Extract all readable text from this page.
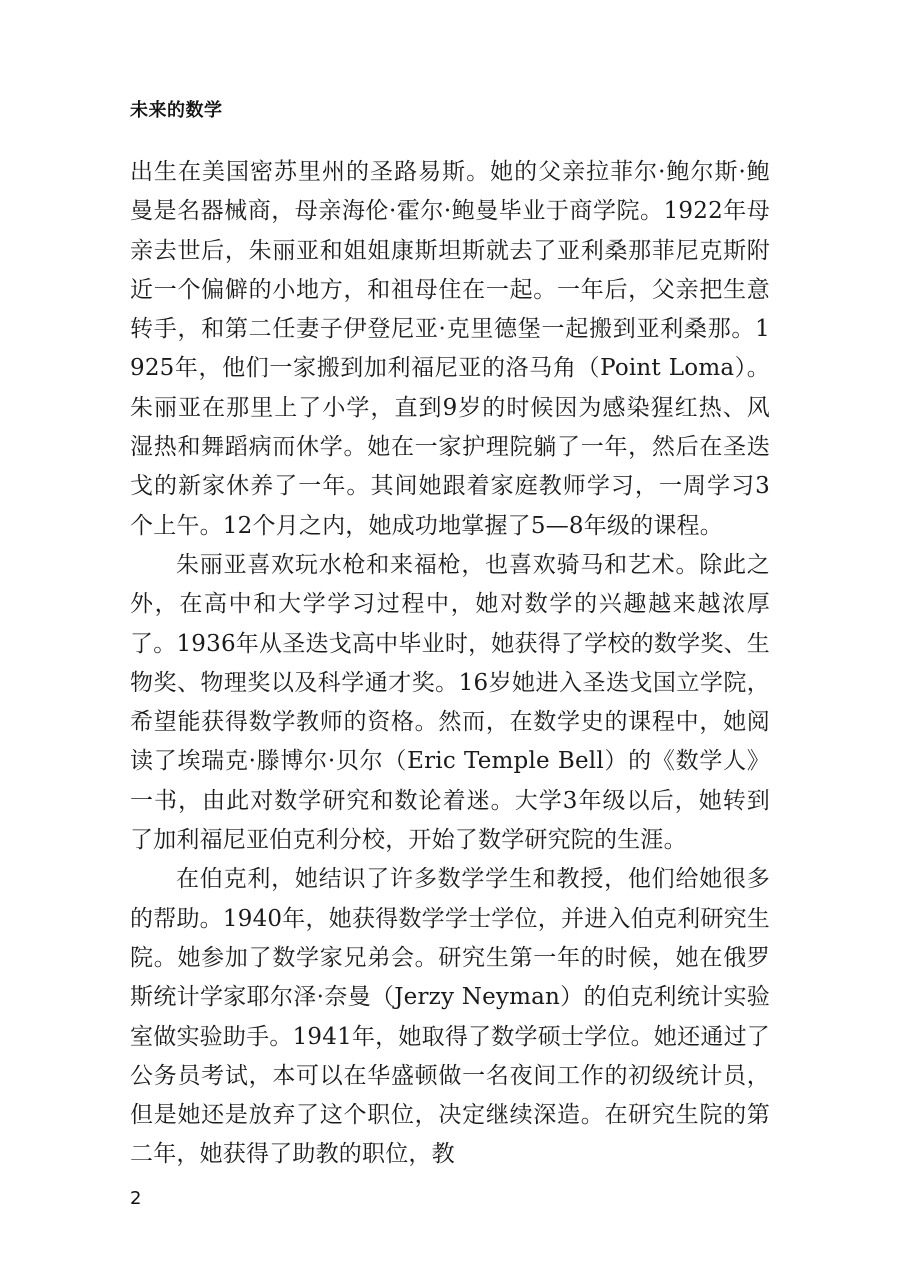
未来的数学

出生在美国密苏里州的圣路易斯。她的父亲拉菲尔·鲍尔斯·鲍曼是名器械商，母亲海伦·霍尔·鲍曼毕业于商学院。1922年母亲去世后，朱丽亚和姐姐康斯坦斯就去了亚利桑那菲尼克斯附近一个偏僻的小地方，和祖母住在一起。一年后，父亲把生意转手，和第二任妻子伊登尼亚·克里德堡一起搬到亚利桑那。1925年，他们一家搬到加利福尼亚的洛马角（Point Loma）。朱丽亚在那里上了小学，直到9岁的时候因为感染猩红热、风湿热和舞蹈病而休学。她在一家护理院躺了一年，然后在圣迭戈的新家休养了一年。其间她跟着家庭教师学习，一周学习3个上午。12个月之内，她成功地掌握了5—8年级的课程。

朱丽亚喜欢玩水枪和来福枪，也喜欢骑马和艺术。除此之外，在高中和大学学习过程中，她对数学的兴趣越来越浓厚了。1936年从圣迭戈高中毕业时，她获得了学校的数学奖、生物奖、物理奖以及科学通才奖。16岁她进入圣迭戈国立学院，希望能获得数学教师的资格。然而，在数学史的课程中，她阅读了埃瑞克·滕博尔·贝尔（Eric Temple Bell）的《数学人》一书，由此对数学研究和数论着迷。大学3年级以后，她转到了加利福尼亚伯克利分校，开始了数学研究院的生涯。

在伯克利，她结识了许多数学学生和教授，他们给她很多的帮助。1940年，她获得数学学士学位，并进入伯克利研究生院。她参加了数学家兄弟会。研究生第一年的时候，她在俄罗斯统计学家耶尔泽·奈曼（Jerzy Neyman）的伯克利统计实验室做实验助手。1941年，她取得了数学硕士学位。她还通过了公务员考试，本可以在华盛顿做一名夜间工作的初级统计员，但是她还是放弃了这个职位，决定继续深造。在研究生院的第二年，她获得了助教的职位，教

2
